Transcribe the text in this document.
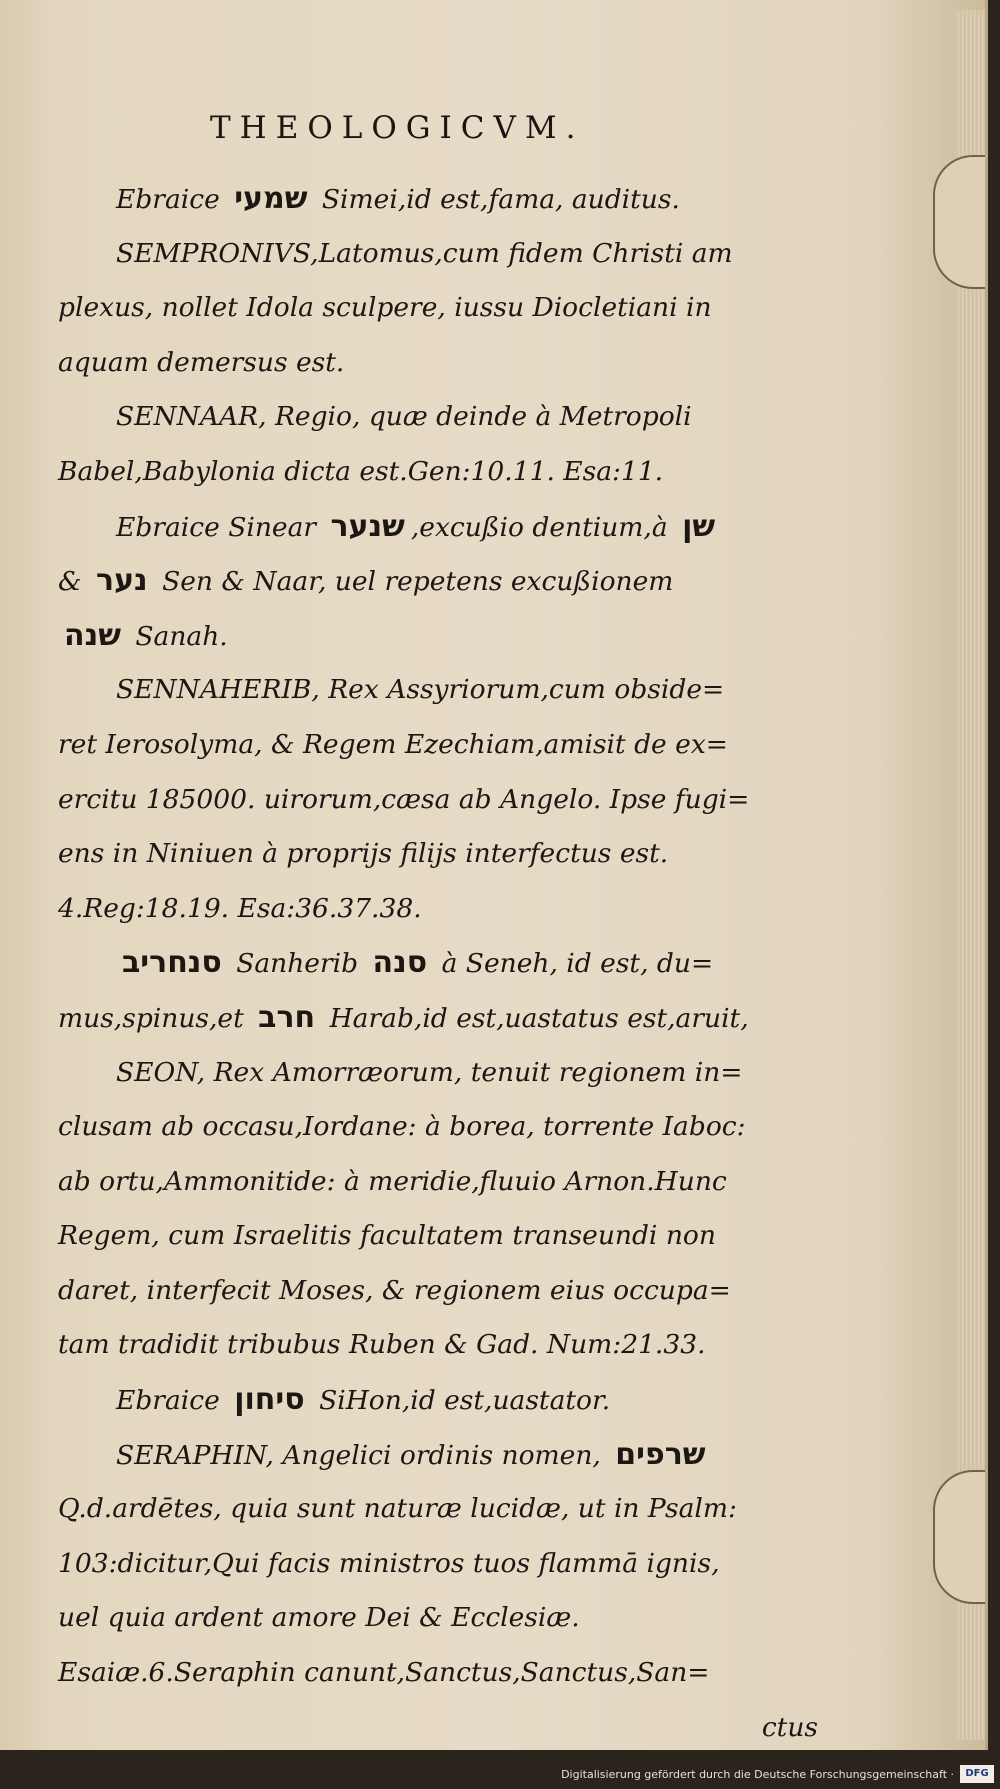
THEOLOGICVM.
Ebraice שמעי Simei,id est,fama, auditus.
SEMPRONIVS,Latomus,cum fidem Christi am
plexus, nollet Idola sculpere, iussu Diocletiani in
aquam demersus est.
SENNAAR, Regio, quæ deinde à Metropoli
Babel,Babylonia dicta est.Gen:10.11. Esa:11.
Ebraice Sinear שנער ,excußio dentium,à שן
& נער Sen & Naar, uel repetens excußionem
שנה Sanah.
SENNAHERIB, Rex Assyriorum,cum obside=
ret Ierosolyma, & Regem Ezechiam,amisit de ex=
ercitu 185000. uirorum,cæsa ab Angelo. Ipse fugi=
ens in Niniuen à proprijs filijs interfectus est.
4.Reg:18.19. Esa:36.37.38.
סנחריב Sanherib סנה à Seneh, id est, du=
mus,spinus,et חרב Harab,id est,uastatus est,aruit,
SEON, Rex Amorræorum, tenuit regionem in=
clusam ab occasu,Iordane: à borea, torrente Iaboc:
ab ortu,Ammonitide: à meridie,fluuio Arnon.Hunc
Regem, cum Israelitis facultatem transeundi non
daret, interfecit Moses, & regionem eius occupa=
tam tradidit tribubus Ruben & Gad. Num:21.33.
Ebraice סיחון SiHon,id est,uastator.
SERAPHIN, Angelici ordinis nomen, שרפים
Q.d.ardētes, quia sunt naturæ lucidæ, ut in Psalm:
103:dicitur,Qui facis ministros tuos flammā ignis,
uel quia ardent amore Dei & Ecclesiæ.
Esaiæ.6.Seraphin canunt,Sanctus,Sanctus,San=
ctus
Digitalisierung gefördert durch die Deutsche Forschungsgemeinschaft ·	DFG
